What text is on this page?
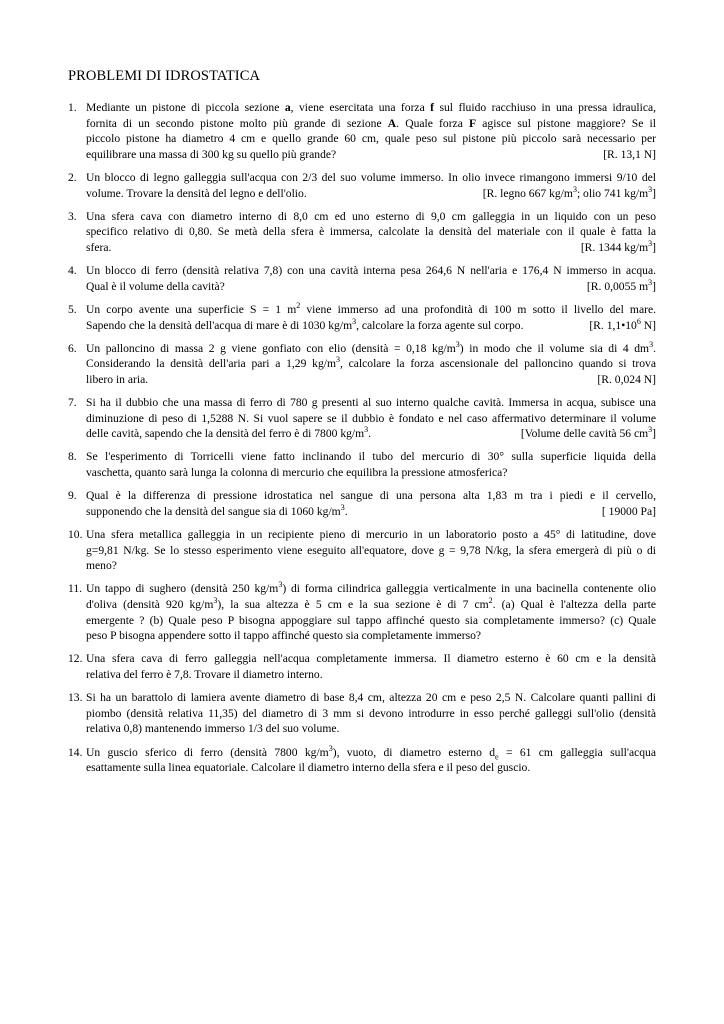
PROBLEMI DI IDROSTATICA
1. Mediante un pistone di piccola sezione a, viene esercitata una forza f sul fluido racchiuso in una pressa idraulica,
fornita di un secondo pistone molto più grande di sezione A. Quale forza F agisce sul pistone maggiore? Se il
piccolo pistone ha diametro 4 cm e quello grande 60 cm, quale peso sul pistone più piccolo sarà necessario per
[R. 13,1 N]
equilibrare una massa di 300 kg su quello più grande?
2. Un blocco di legno galleggia sull'acqua con 2/3 del suo volume immerso. In olio invece rimangono immersi 9/10 del
[R. legno 667 $kg/m^3$; olio 741 $kg/m^3$]
volume. Trovare la densità del legno e dell'olio.
3. Una sfera cava con diametro interno di 8,0 cm ed uno esterno di 9,0 cm galleggia in un liquido con un peso
specifico relativo di 0,80. Se metà della sfera è immersa, calcolate la densità del materiale con il quale è fatta la
[R. 1344 $kg/m^3$]
sfera.
4. Un blocco di ferro (densità relativa 7,8) con una cavità interna pesa 264,6 N nell'aria e 176,4 N immerso in acqua.
[R. 0,0055 $m^3$]
Qual è il volume della cavità?
5. Un corpo avente una superficie S = 1 $m^2$ viene immerso ad una profondità di 100 m sotto il livello del mare.
[R. $1,1•10^6$ N]
Sapendo che la densità dell'acqua di mare è di 1030 $kg/m^3$, calcolare la forza agente sul corpo.
6. Un palloncino di massa 2 g viene gonfiato con elio (densità = 0,18 $kg/m^3$) in modo che il volume sia di 4 $dm^3$.
Considerando la densità dell'aria pari a 1,29 $kg/m^3$, calcolare la forza ascensionale del palloncino quando si trova
[R. 0,024 N]
libero in aria.
7. Si ha il dubbio che una massa di ferro di 780 g presenti al suo interno qualche cavità. Immersa in acqua, subisce una
diminuzione di peso di 1,5288 N. Si vuol sapere se il dubbio è fondato e nel caso affermativo determinare il volume
[Volume delle cavità 56 $cm^3$]
delle cavità, sapendo che la densità del ferro è di 7800 $kg/m^3$.
8. Se l'esperimento di Torricelli viene fatto inclinando il tubo del mercurio di 30° sulla superficie liquida della
vaschetta, quanto sarà lunga la colonna di mercurio che equilibra la pressione atmosferica?
9. Qual è la differenza di pressione idrostatica nel sangue di una persona alta 1,83 m tra i piedi e il cervello,
[ 19000 Pa]
supponendo che la densità del sangue sia di 1060 $kg/m^3$.
10. Una sfera metallica galleggia in un recipiente pieno di mercurio in un laboratorio posto a 45° di latitudine, dove
g=9,81 N/kg. Se lo stesso esperimento viene eseguito all'equatore, dove g = 9,78 N/kg, la sfera emergerà di più o di
meno?
11. Un tappo di sughero (densità 250 $kg/m^3$) di forma cilindrica galleggia verticalmente in una bacinella contenente olio
d'oliva (densità 920 $kg/m^3$), la sua altezza è 5 cm e la sua sezione è di 7 $cm^2$. (a) Qual è l'altezza della parte
emergente ? (b) Quale peso P bisogna appoggiare sul tappo affinché questo sia completamente immerso? (c) Quale
peso P bisogna appendere sotto il tappo affinché questo sia completamente immerso?
12. Una sfera cava di ferro galleggia nell'acqua completamente immersa. Il diametro esterno è 60 cm e la densità
relativa del ferro è 7,8. Trovare il diametro interno.
13. Si ha un barattolo di lamiera avente diametro di base 8,4 cm, altezza 20 cm e peso 2,5 N. Calcolare quanti pallini di
piombo (densità relativa 11,35) del diametro di 3 mm si devono introdurre in esso perché galleggi sull'olio (densità
relativa 0,8) mantenendo immerso 1/3 del suo volume.
14. Un guscio sferico di ferro (densità 7800 $kg/m^3$), vuoto, di diametro esterno $d_e = 61$ cm galleggia sull'acqua
esattamente sulla linea equatoriale. Calcolare il diametro interno della sfera e il peso del guscio.
